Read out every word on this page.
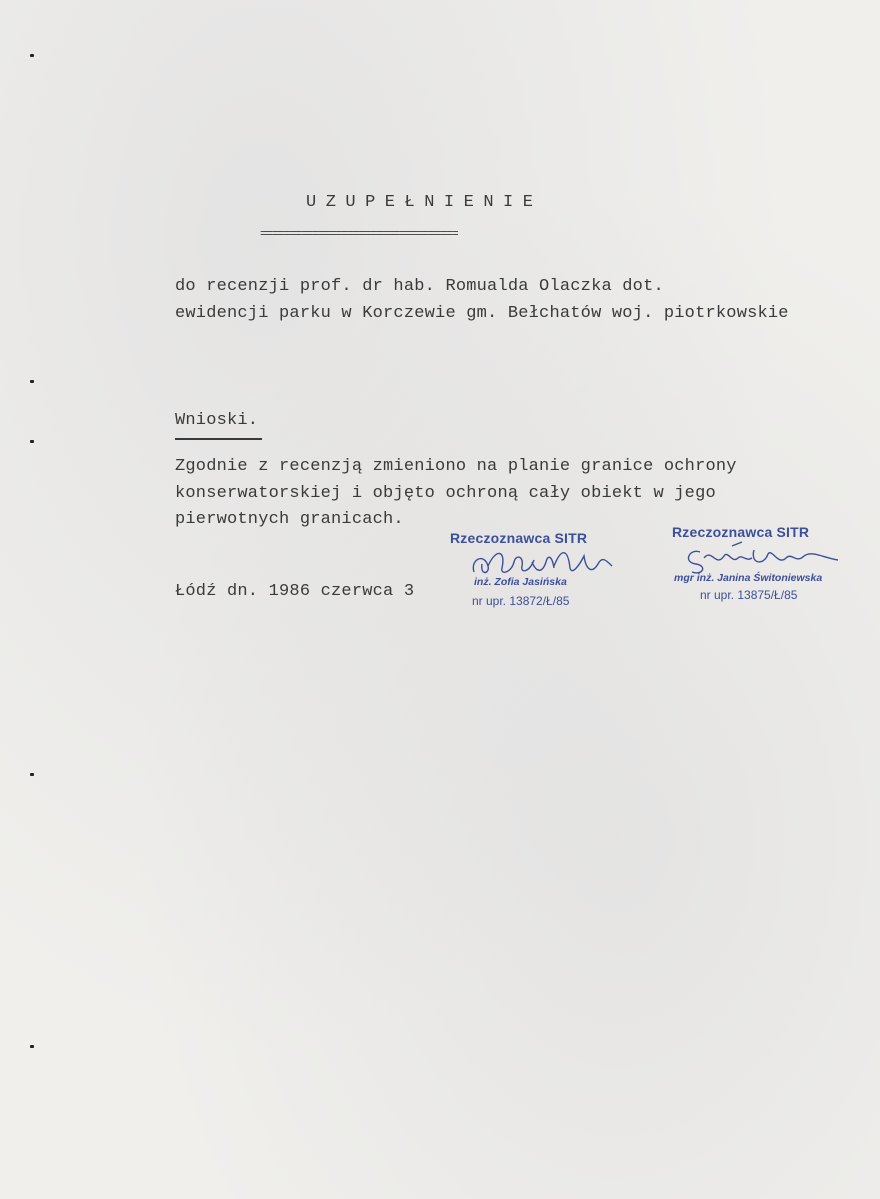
UZUPEŁNIENIE
==================================
do recenzji prof. dr hab. Romualda Olaczka dot.
ewidencji parku w Korczewie gm. Bełchatów woj. piotrkowskie
Wnioski.
Zgodnie z recenzją zmieniono na planie granice ochrony
konserwatorskiej i objęto ochroną cały obiekt w jego
pierwotnych granicach.
Łódź dn. 1986 czerwca 3
Rzeczoznawca SITR
inż. Zofia Jasińska
nr upr. 13872/Ł/85
Rzeczoznawca SITR
mgr inż. Janina Świtoniewska
nr upr. 13875/Ł/85
